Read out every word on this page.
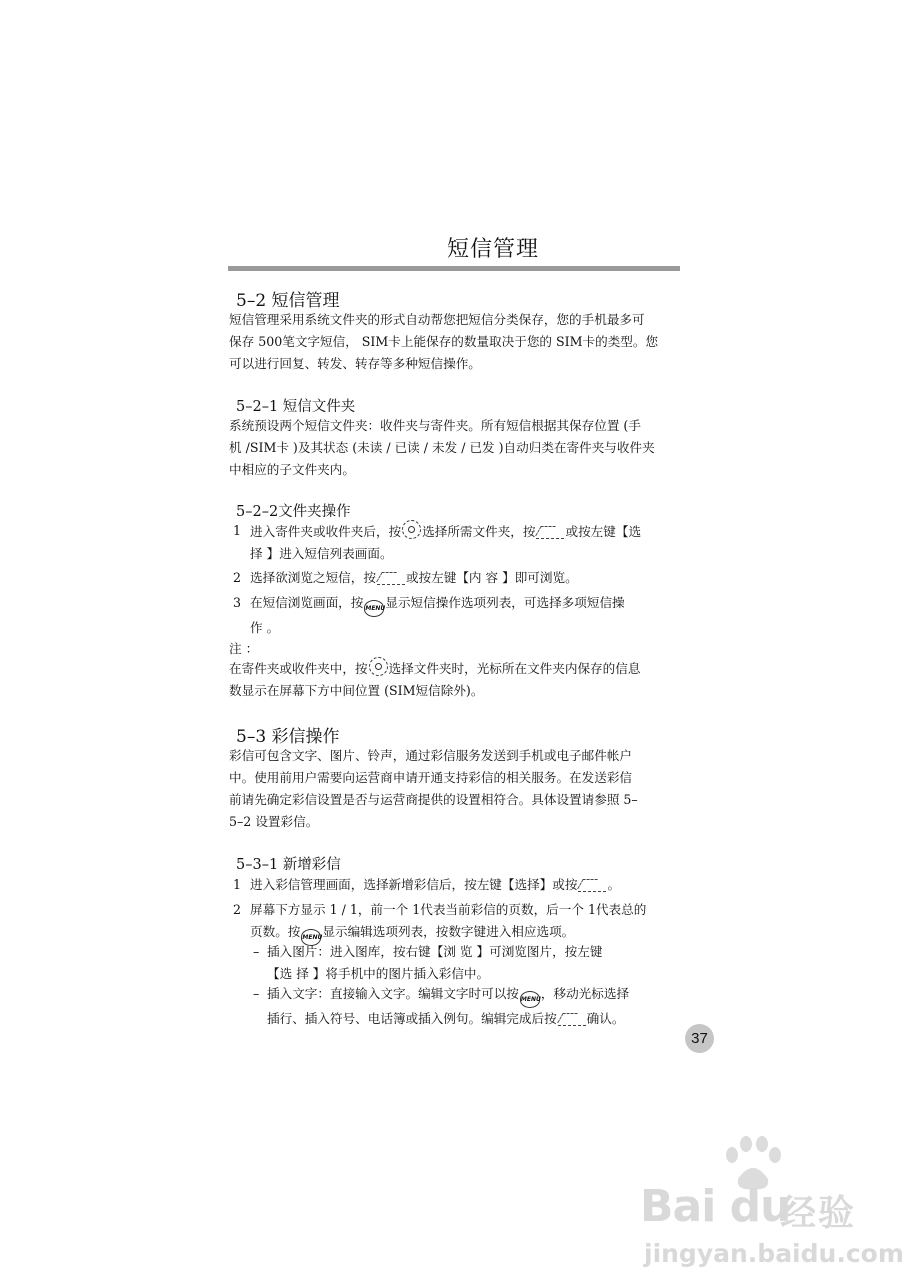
短信管理
5–2 短信管理
短信管理采用系统文件夹的形式自动帮您把短信分类保存，您的手机最多可
保存 500笔文字短信， SIM卡上能保存的数量取决于您的 SIM卡的类型。您
可以进行回复、转发、转存等多种短信操作。
5–2–1 短信文件夹
系统预设两个短信文件夹：收件夹与寄件夹。所有短信根据其保存位置 (手
机 /SIM卡 )及其状态 (未读 / 已读 / 未发 / 已发 )自动归类在寄件夹与收件夹
中相应的子文件夹内。
5–2–2文件夹操作
1 进入寄件夹或收件夹后，按 选择所需文件夹，按 或按左键【选
择 】进入短信列表画面。
2 选择欲浏览之短信，按 或按左键【内 容 】即可浏览。
3 在短信浏览画面，按 MENU显示短信操作选项列表，可选择多项短信操
作 。
注 ：
在寄件夹或收件夹中，按 选择文件夹时，光标所在文件夹内保存的信息
数显示在屏幕下方中间位置 (SIM短信除外)。
5–3 彩信操作
彩信可包含文字、图片、铃声，通过彩信服务发送到手机或电子邮件帐户
中。使用前用户需要向运营商申请开通支持彩信的相关服务。在发送彩信
前请先确定彩信设置是否与运营商提供的设置相符合。具体设置请参照 5–
5–2 设置彩信。
5–3–1 新增彩信
1 进入彩信管理画面，选择新增彩信后，按左键【选择】或按 。
2 屏幕下方显示 1 / 1，前一个 1代表当前彩信的页数，后一个 1代表总的
页数。按 MENU显示编辑选项列表，按数字键进入相应选项。
– 插入图片：进入图库，按右键【浏 览 】可浏览图片，按左键
【选 择 】将手机中的图片插入彩信中。
– 插入文字：直接输入文字。编辑文字时可以按 MENU，移动光标选择
插行、插入符号、电话簿或插入例句。编辑完成后按 确认。
37
Bai du
经验
jingyan.baidu.com
